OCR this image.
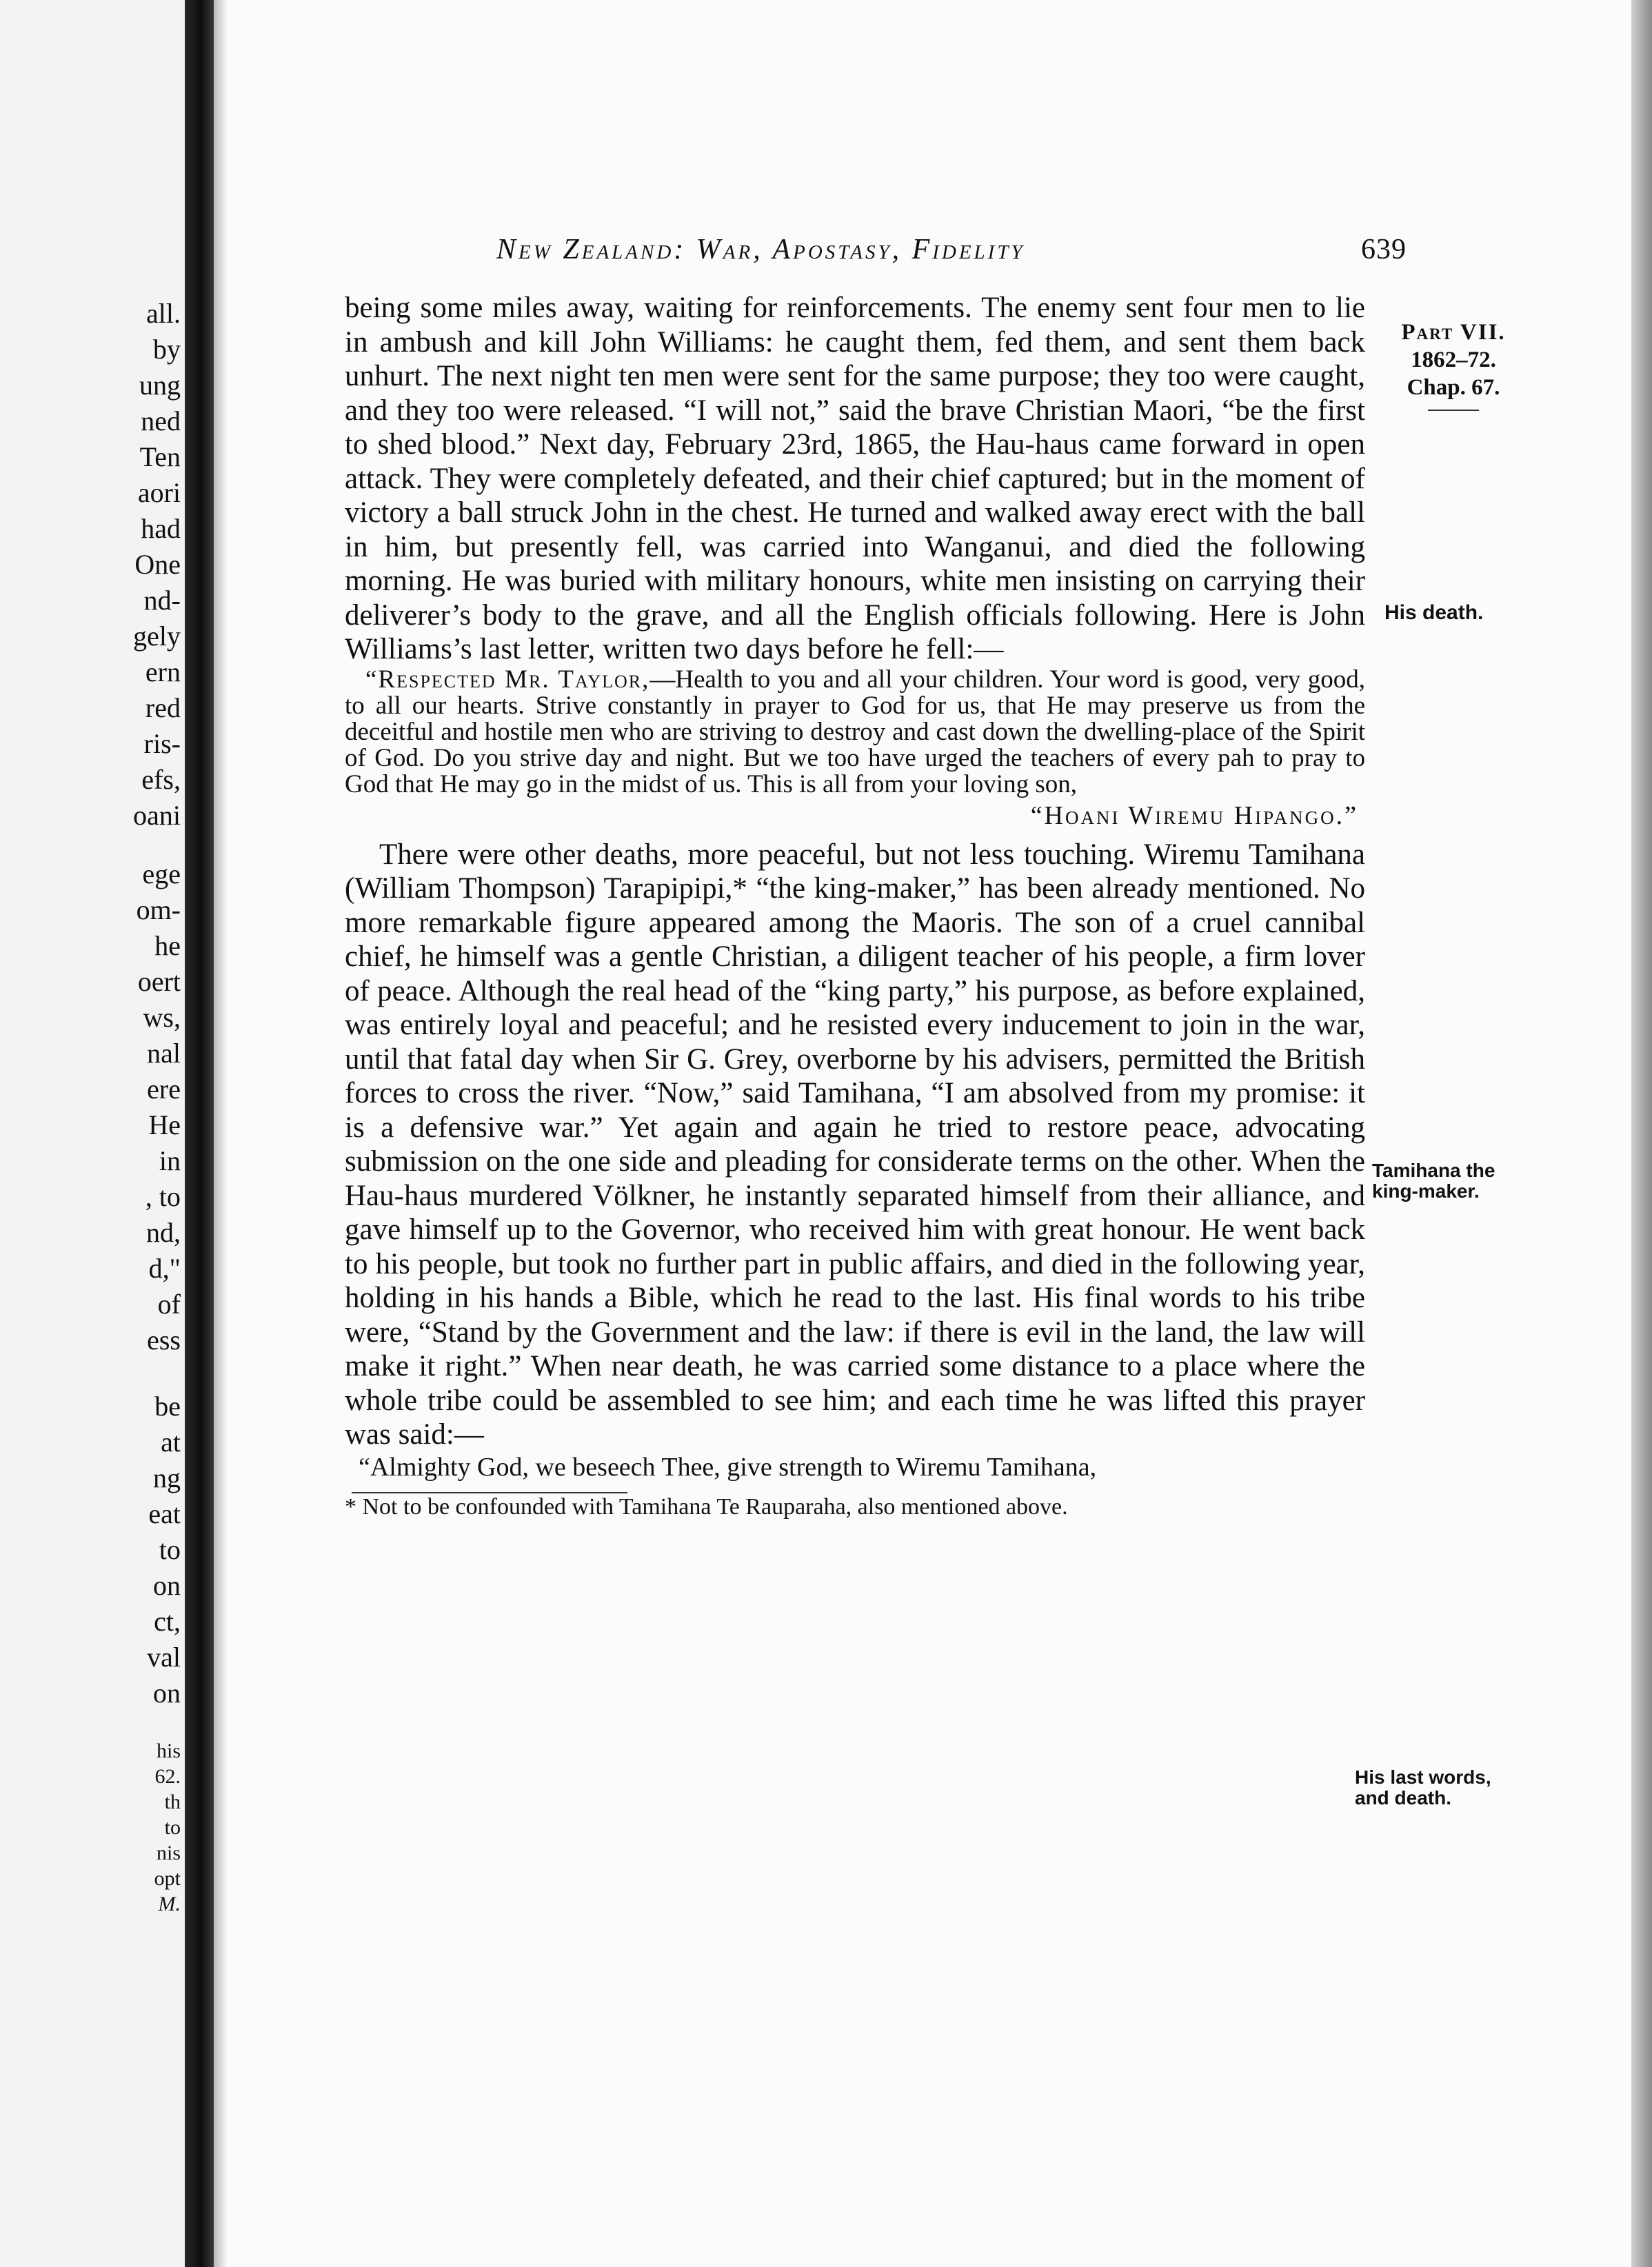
all.
by
ung
ned
Ten
aori
had
One
nd-
gely
ern
red
ris-
efs,
oani
ege
om-
he
oert
ws,
nal
ere
He
in
, to
nd,
d,"
of
ess
be
at
ng
eat
to
on
ct,
val
on
his
62.
th
to
nis
opt
M.
New Zealand: War, Apostasy, Fidelity	639
Part VII.
1862–72.
Chap. 67.
His death.
Tamihana the king-maker.
His last words, and death.

being some miles away, waiting for reinforcements. The enemy sent four men to lie in ambush and kill John Williams: he caught them, fed them, and sent them back unhurt. The next night ten men were sent for the same purpose; they too were caught, and they too were released. “I will not,” said the brave Christian Maori, “be the first to shed blood.” Next day, February 23rd, 1865, the Hau-haus came forward in open attack. They were completely defeated, and their chief captured; but in the moment of victory a ball struck John in the chest. He turned and walked away erect with the ball in him, but presently fell, was carried into Wanganui, and died the following morning. He was buried with military honours, white men insisting on carrying their deliverer’s body to the grave, and all the English officials following. Here is John Williams’s last letter, written two days before he fell:—

“Respected Mr. Taylor,—Health to you and all your children. Your word is good, very good, to all our hearts. Strive constantly in prayer to God for us, that He may preserve us from the deceitful and hostile men who are striving to destroy and cast down the dwelling-place of the Spirit of God. Do you strive day and night. But we too have urged the teachers of every pah to pray to God that He may go in the midst of us. This is all from your loving son,

“Hoani Wiremu Hipango.”

There were other deaths, more peaceful, but not less touching. Wiremu Tamihana (William Thompson) Tarapipipi,* “the king-maker,” has been already mentioned. No more remarkable figure appeared among the Maoris. The son of a cruel cannibal chief, he himself was a gentle Christian, a diligent teacher of his people, a firm lover of peace. Although the real head of the “king party,” his purpose, as before explained, was entirely loyal and peaceful; and he resisted every inducement to join in the war, until that fatal day when Sir G. Grey, overborne by his advisers, permitted the British forces to cross the river. “Now,” said Tamihana, “I am absolved from my promise: it is a defensive war.” Yet again and again he tried to restore peace, advocating submission on the one side and pleading for considerate terms on the other. When the Hau-haus murdered Völkner, he instantly separated himself from their alliance, and gave himself up to the Governor, who received him with great honour. He went back to his people, but took no further part in public affairs, and died in the following year, holding in his hands a Bible, which he read to the last. His final words to his tribe were, “Stand by the Government and the law: if there is evil in the land, the law will make it right.” When near death, he was carried some distance to a place where the whole tribe could be assembled to see him; and each time he was lifted this prayer was said:—

“Almighty God, we beseech Thee, give strength to Wiremu Tamihana,

* Not to be confounded with Tamihana Te Rauparaha, also mentioned above.
